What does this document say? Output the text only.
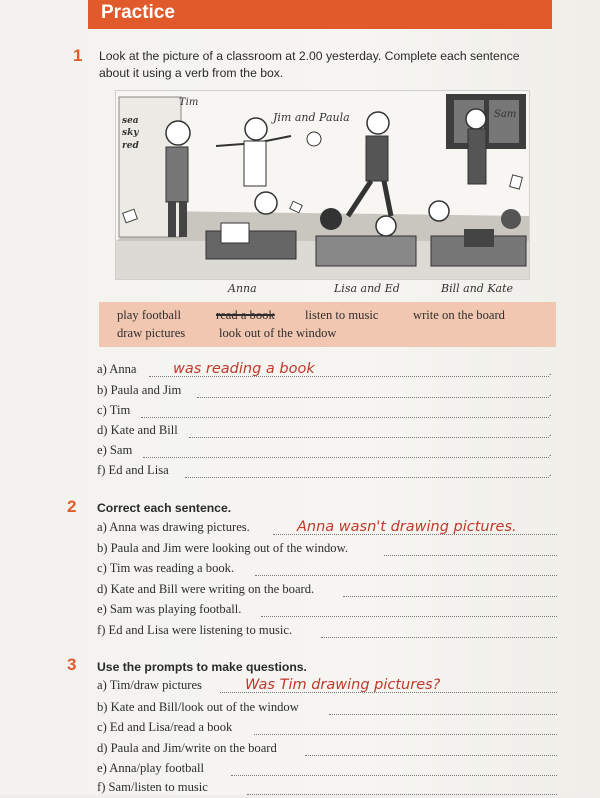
Practice
1 Look at the picture of a classroom at 2.00 yesterday. Complete each sentence
about it using a verb from the box.
Tim
Jim and Paula	Sam
sea
sky
red
Anna	Lisa and Ed	Bill and Kate
play football	read a book listen to music	write on the board
draw pictures	look out of the window
a) Anna	was reading a book	.
b) Paula and Jim	.
c) Tim	.
d) Kate and Bill	.
e) Sam	.
f) Ed and Lisa	.
2 Correct each sentence.
a) Anna was drawing pictures.	Anna wasn't drawing pictures.
b) Paula and Jim were looking out of the window.
c) Tim was reading a book.
d) Kate and Bill were writing on the board.
e) Sam was playing football.
f) Ed and Lisa were listening to music.
3 Use the prompts to make questions.
a) Tim/draw pictures	Was Tim drawing pictures?
b) Kate and Bill/look out of the window
c) Ed and Lisa/read a book
d) Paula and Jim/write on the board
e) Anna/play football
f) Sam/listen to music
